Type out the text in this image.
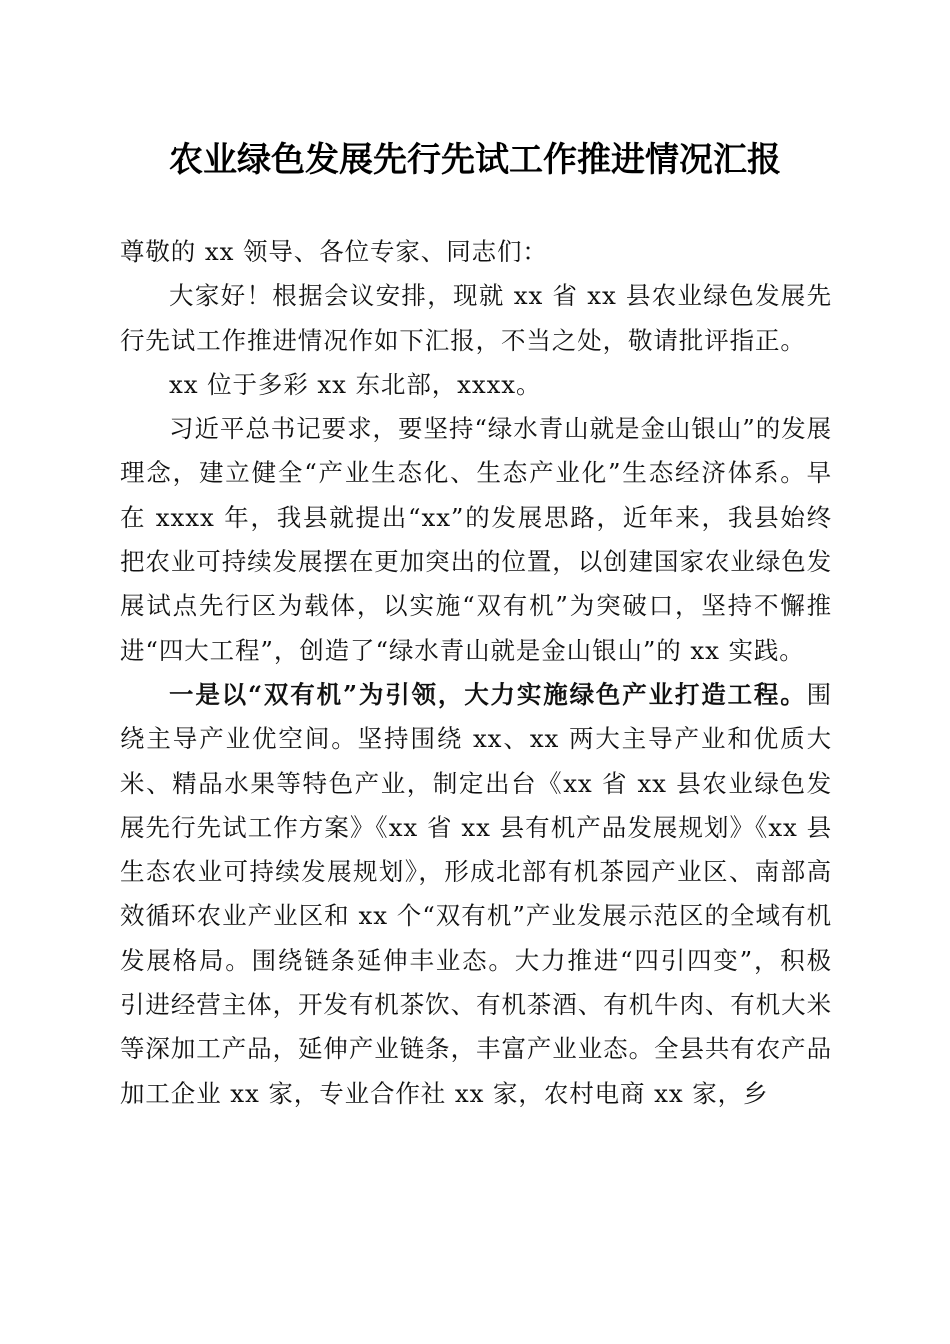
农业绿色发展先行先试工作推进情况汇报

尊敬的 xx 领导、各位专家、同志们：

大家好！根据会议安排，现就 xx 省 xx 县农业绿色发展先行先试工作推进情况作如下汇报，不当之处，敬请批评指正。

xx 位于多彩 xx 东北部，xxxx。

习近平总书记要求，要坚持“绿水青山就是金山银山”的发展理念，建立健全“产业生态化、生态产业化”生态经济体系。早在 xxxx 年，我县就提出“xx”的发展思路，近年来，我县始终把农业可持续发展摆在更加突出的位置，以创建国家农业绿色发展试点先行区为载体，以实施“双有机”为突破口，坚持不懈推进“四大工程”，创造了“绿水青山就是金山银山”的 xx 实践。

一是以“双有机”为引领，大力实施绿色产业打造工程。围绕主导产业优空间。坚持围绕 xx、xx 两大主导产业和优质大米、精品水果等特色产业，制定出台《xx 省 xx 县农业绿色发展先行先试工作方案》《xx 省 xx 县有机产品发展规划》《xx 县生态农业可持续发展规划》，形成北部有机茶园产业区、南部高效循环农业产业区和 xx 个“双有机”产业发展示范区的全域有机发展格局。围绕链条延伸丰业态。大力推进“四引四变”，积极引进经营主体，开发有机茶饮、有机茶酒、有机牛肉、有机大米等深加工产品，延伸产业链条，丰富产业业态。全县共有农产品加工企业 xx 家，专业合作社 xx 家，农村电商 xx 家，乡
